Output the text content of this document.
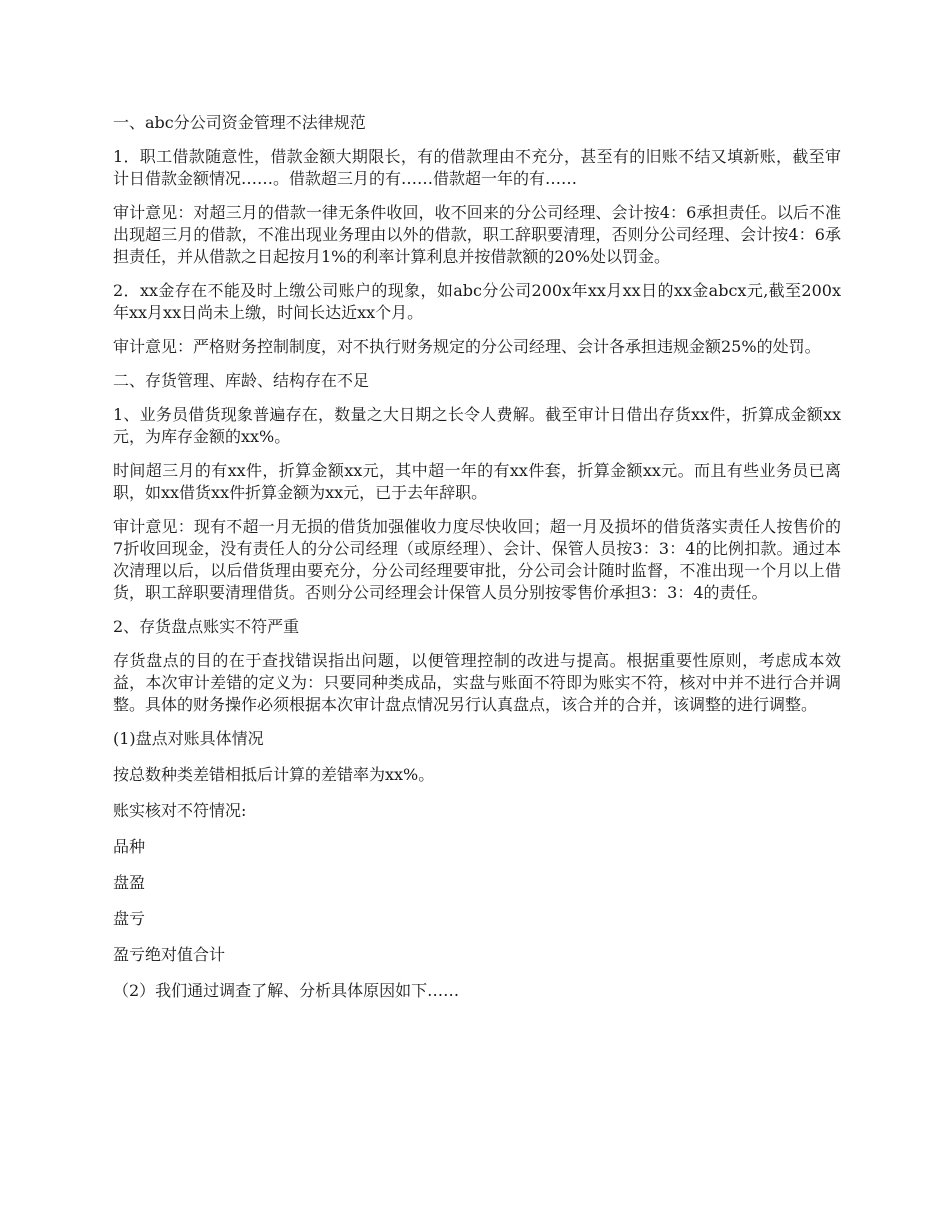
一、abc分公司资金管理不法律规范

1．职工借款随意性，借款金额大期限长，有的借款理由不充分，甚至有的旧账不结又填新账，截至审计日借款金额情况……。借款超三月的有……借款超一年的有……

审计意见：对超三月的借款一律无条件收回，收不回来的分公司经理、会计按4：6承担责任。以后不准出现超三月的借款，不准出现业务理由以外的借款，职工辞职要清理，否则分公司经理、会计按4：6承担责任，并从借款之日起按月1%的利率计算利息并按借款额的20%处以罚金。

2．xx金存在不能及时上缴公司账户的现象，如abc分公司200x年xx月xx日的xx金abcx元,截至200x年xx月xx日尚未上缴，时间长达近xx个月。

审计意见：严格财务控制制度，对不执行财务规定的分公司经理、会计各承担违规金额25%的处罚。

二、存货管理、库龄、结构存在不足

1、业务员借货现象普遍存在，数量之大日期之长令人费解。截至审计日借出存货xx件，折算成金额xx元，为库存金额的xx%。

时间超三月的有xx件，折算金额xx元，其中超一年的有xx件套，折算金额xx元。而且有些业务员已离职，如xx借货xx件折算金额为xx元，已于去年辞职。

审计意见：现有不超一月无损的借货加强催收力度尽快收回；超一月及损坏的借货落实责任人按售价的7折收回现金，没有责任人的分公司经理（或原经理）、会计、保管人员按3：3：4的比例扣款。通过本次清理以后，以后借货理由要充分，分公司经理要审批，分公司会计随时监督，不准出现一个月以上借货，职工辞职要清理借货。否则分公司经理会计保管人员分别按零售价承担3：3：4的责任。

2、存货盘点账实不符严重

存货盘点的目的在于查找错误指出问题，以便管理控制的改进与提高。根据重要性原则，考虑成本效益，本次审计差错的定义为：只要同种类成品，实盘与账面不符即为账实不符，核对中并不进行合并调整。具体的财务操作必须根据本次审计盘点情况另行认真盘点，该合并的合并，该调整的进行调整。

(1)盘点对账具体情况

按总数种类差错相抵后计算的差错率为xx%。

账实核对不符情况:

品种

盘盈

盘亏

盈亏绝对值合计

（2）我们通过调查了解、分析具体原因如下……
